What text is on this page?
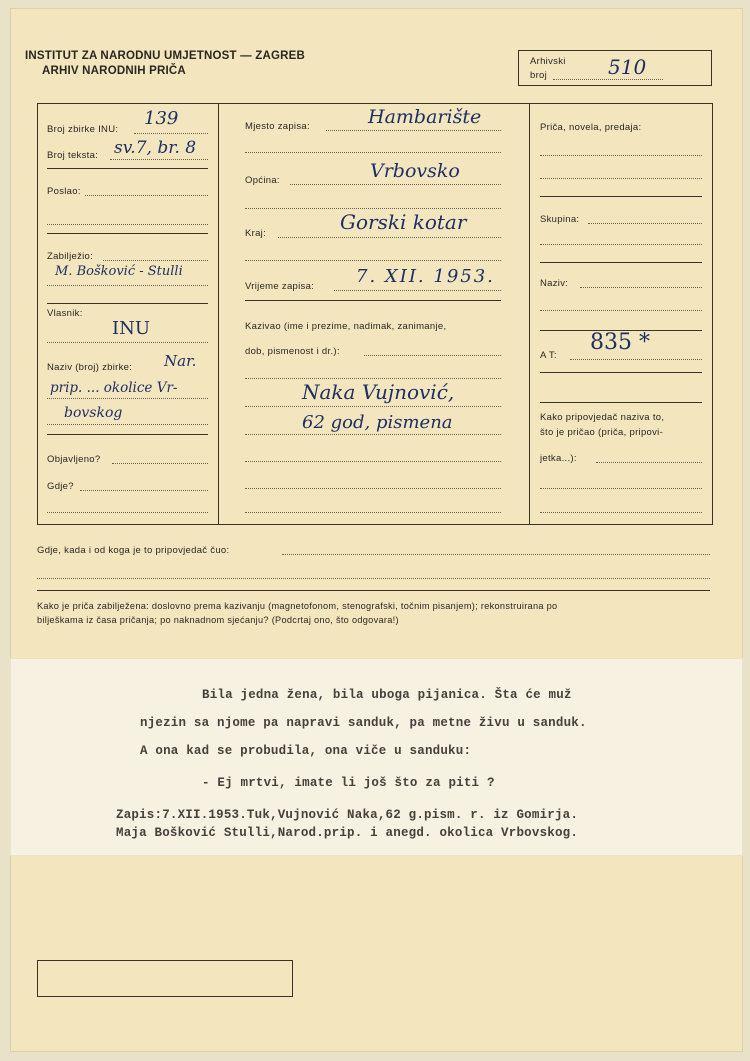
INSTITUT ZA NARODNU UMJETNOST — ZAGREB
ARHIV NARODNIH PRIČA
Arhivski
broj	510
Broj zbirke INU:
139
Broj teksta: sv.7, br. 8
Poslao:
Zabilježio:
M. Bošković - Stulli
Vlasnik:
INU
Naziv (broj) zbirke: Nar.
prip. ... okolice Vr-
bovskog
Objavljeno?
Gdje?
Mjesto zapisa:	Hambarište
Općina:	Vrbovsko
Kraj:	Gorski kotar
Vrijeme zapisa: 7. XII. 1953.
Kazivao (ime i prezime, nadimak, zanimanje,
dob, pismenost i dr.):
Naka Vujnović,
62 god, pismena
Priča, novela, predaja:
Skupina:
Naziv:
A T:
835 *
Kako pripovjedač naziva to,
što je pričao (priča, pripovi-
jetka...):
Gdje, kada i od koga je to pripovjedač čuo:
Kako je priča zabilježena: doslovno prema kazivanju (magnetofonom, stenografski, točnim pisanjem); rekonstruirana po
bilješkama iz časa pričanja; po naknadnom sjećanju? (Podcrtaj ono, što odgovara!)
Bila jedna žena, bila uboga pijanica. Šta će muž
njezin sa njome pa napravi sanduk, pa metne živu u sanduk.
A ona kad se probudila, ona viče u sanduku:
- Ej mrtvi, imate li još što za piti ?
Zapis:7.XII.1953.Tuk,Vujnović Naka,62 g.pism. r. iz Gomirja.
Maja Bošković Stulli,Narod.prip. i anegd. okolica Vrbovskog.
